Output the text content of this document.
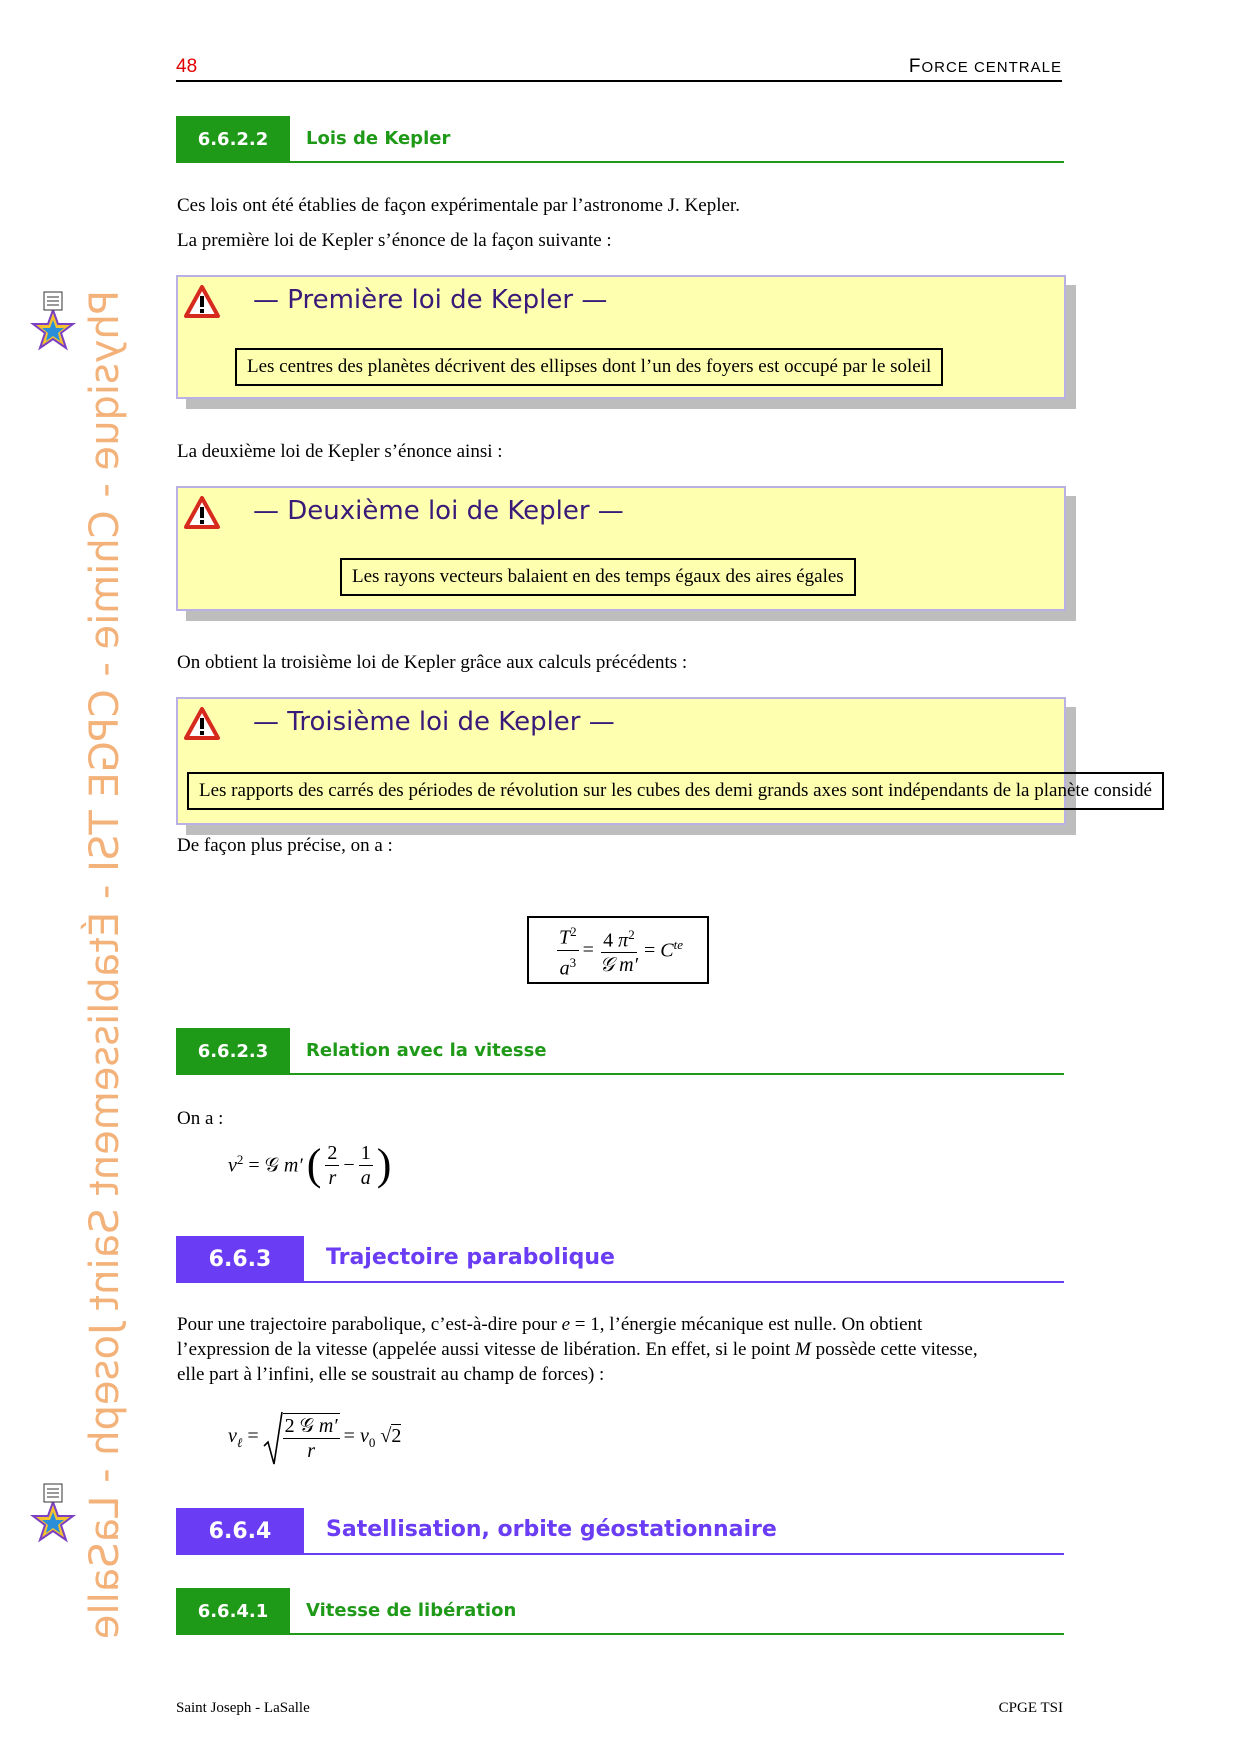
48	FORCE CENTRALE
Physique - Chimie - CPGE TSI - Établissement Saint Joseph - LaSalle
6.6.2.2	Lois de Kepler
Ces lois ont été établies de façon expérimentale par l’astronome J. Kepler.
La première loi de Kepler s’énonce de la façon suivante :
— Première loi de Kepler —
Les centres des planètes décrivent des ellipses dont l’un des foyers est occupé par le soleil
La deuxième loi de Kepler s’énonce ainsi :
— Deuxième loi de Kepler —
Les rayons vecteurs balaient en des temps égaux des aires égales
On obtient la troisième loi de Kepler grâce aux calculs précédents :
— Troisième loi de Kepler —
Les rapports des carrés des périodes de révolution sur les cubes des demi grands axes sont indépendants de la planète considé
De façon plus précise, on a :
$\frac{T^2}{a^3} = \frac{4 \pi^2}{\text{𝒢 m′}} = C^{te}$
6.6.2.3	Relation avec la vitesse
On a :
$v^2$ = 𝒢 m′ ( $\frac{2}{r} - \frac{1}{a}$ )
6.6.3	Trajectoire parabolique
Pour une trajectoire parabolique, c’est-à-dire pour e = 1, l’énergie mécanique est nulle. On obtient
l’expression de la vitesse (appelée aussi vitesse de libération. En effet, si le point M possède cette vitesse,
elle part à l’infini, elle se soustrait au champ de forces) :
$v_\ell = \frac{\text{2 𝒢 m′}}{r} = v_0$ √2
6.6.4	Satellisation, orbite géostationnaire
6.6.4.1	Vitesse de libération
Saint Joseph - LaSalle	CPGE TSI
